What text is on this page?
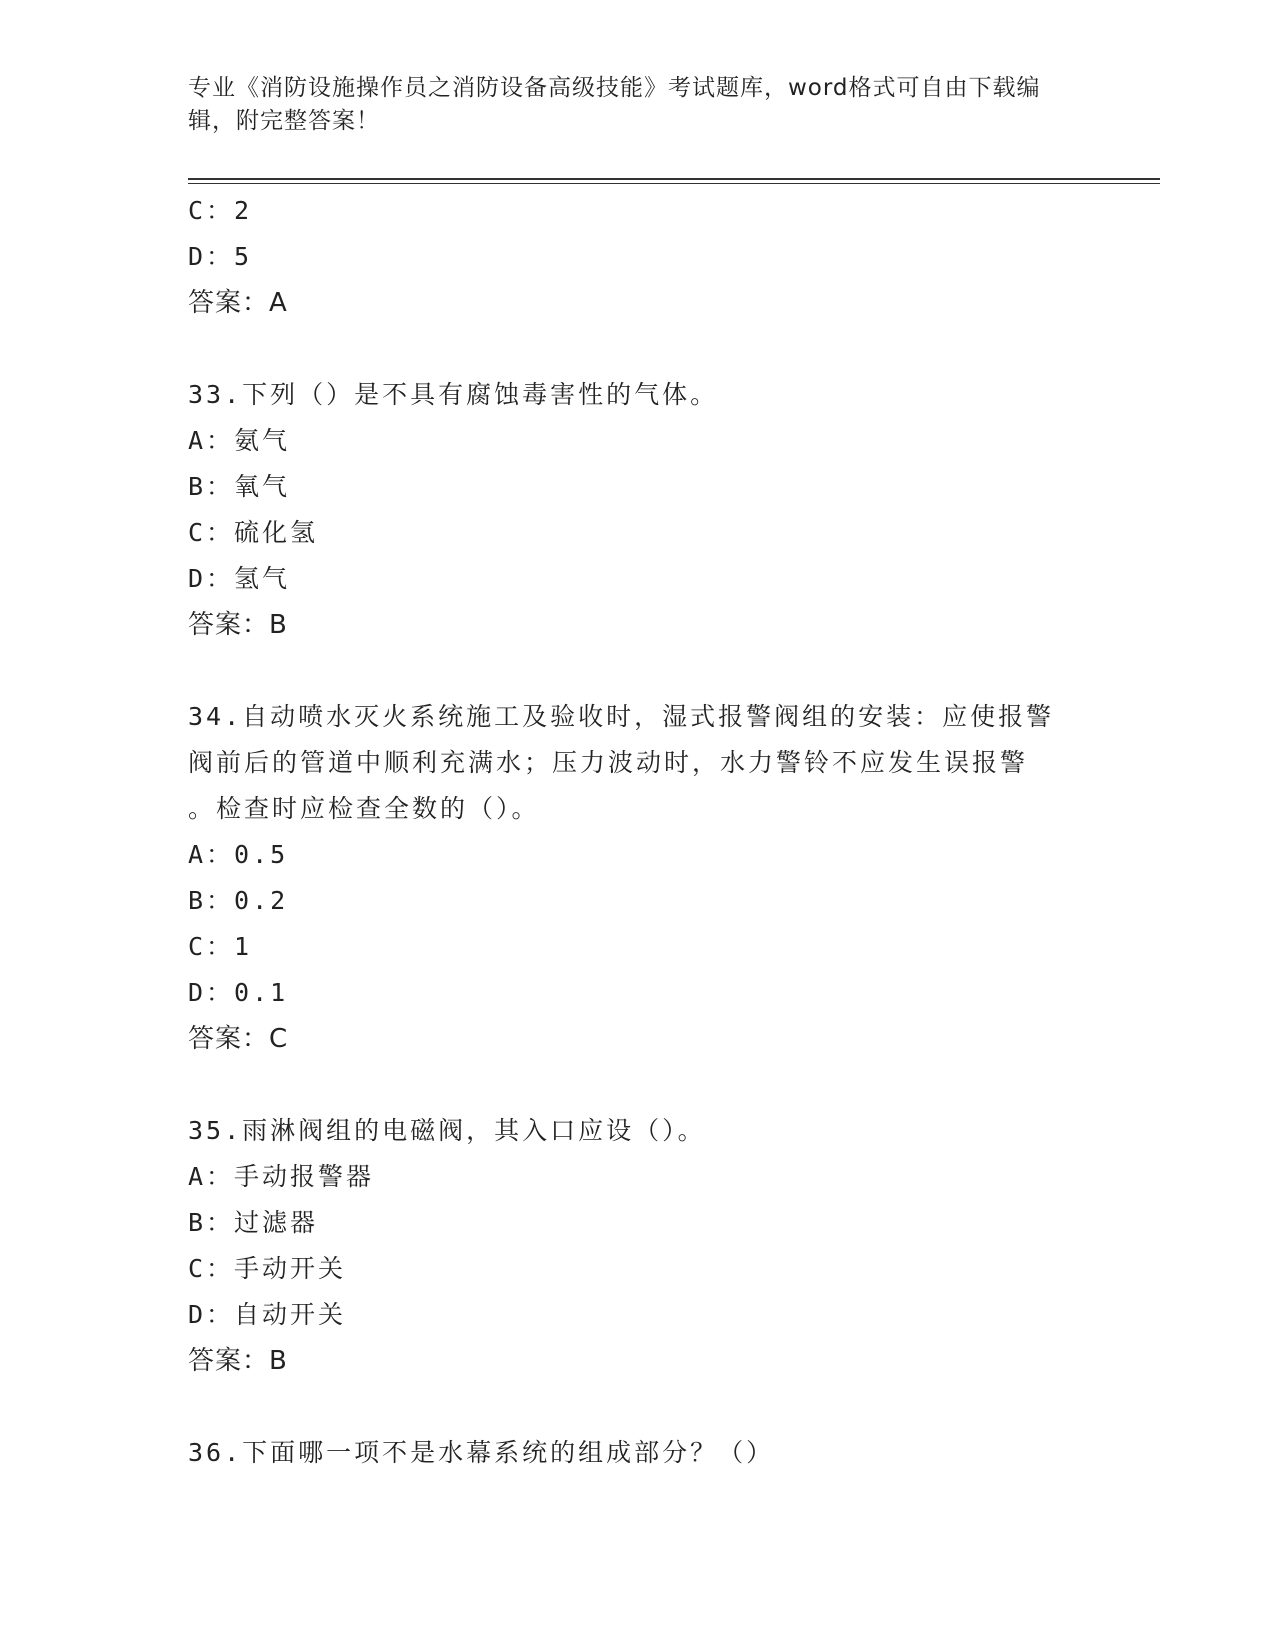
专业《消防设施操作员之消防设备高级技能》考试题库，word格式可自由下载编辑，附完整答案！
C：2
D：5
答案：A
33.下列（）是不具有腐蚀毒害性的气体。
A：氨气
B：氧气
C：硫化氢
D：氢气
答案：B
34.自动喷水灭火系统施工及验收时，湿式报警阀组的安装：应使报警
阀前后的管道中顺利充满水；压力波动时，水力警铃不应发生误报警
。检查时应检查全数的（）。
A：0.5
B：0.2
C：1
D：0.1
答案：C
35.雨淋阀组的电磁阀，其入口应设（）。
A：手动报警器
B：过滤器
C：手动开关
D：自动开关
答案：B
36.下面哪一项不是水幕系统的组成部分？（）
